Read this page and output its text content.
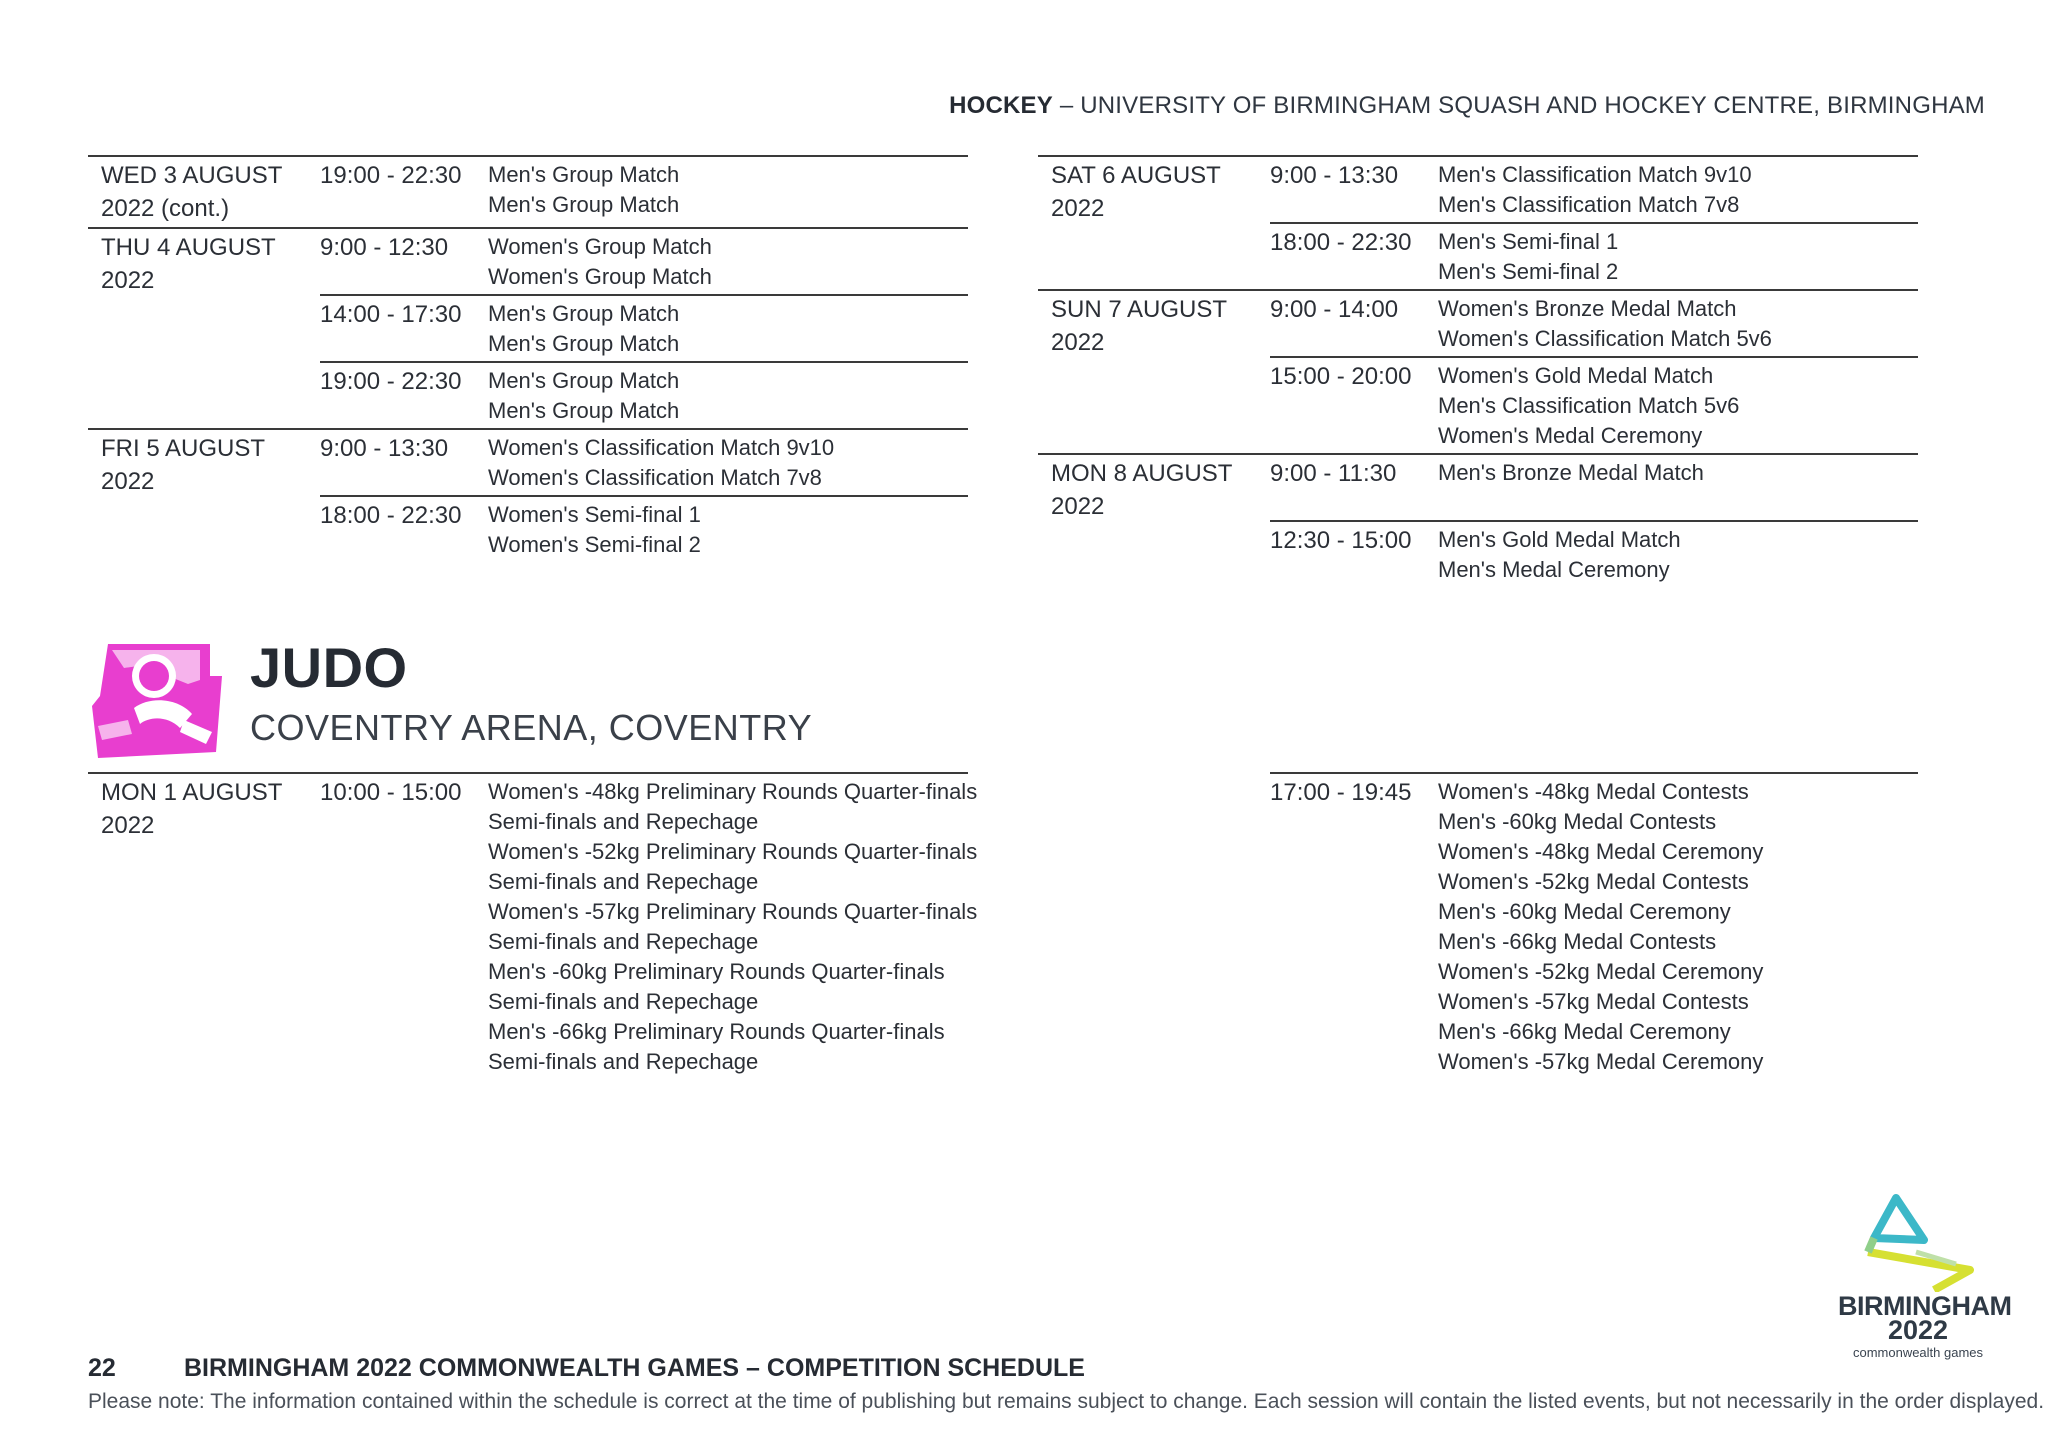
HOCKEY – UNIVERSITY OF BIRMINGHAM SQUASH AND HOCKEY CENTRE, BIRMINGHAM
WED 3 AUGUST 2022 (cont.)	19:00 - 22:30	Men's Group Match
Men's Group Match

THU 4 AUGUST 2022	9:00 - 12:30	Women's Group Match
Women's Group Match

	14:00 - 17:30	Men's Group Match
Men's Group Match

	19:00 - 22:30	Men's Group Match
Men's Group Match

FRI 5 AUGUST 2022	9:00 - 13:30	Women's Classification Match 9v10
Women's Classification Match 7v8

	18:00 - 22:30	Women's Semi-final 1
Women's Semi-final 2
SAT 6 AUGUST 2022	9:00 - 13:30	Men's Classification Match 9v10
Men's Classification Match 7v8

	18:00 - 22:30	Men's Semi-final 1
Men's Semi-final 2

SUN 7 AUGUST 2022	9:00 - 14:00	Women's Bronze Medal Match
Women's Classification Match 5v6

	15:00 - 20:00	Women's Gold Medal Match
Men's Classification Match 5v6
Women's Medal Ceremony

MON 8 AUGUST 2022	9:00 - 11:30	Men's Bronze Medal Match

	12:30 - 15:00	Men's Gold Medal Match
Men's Medal Ceremony
JUDO
COVENTRY ARENA, COVENTRY
MON 1 AUGUST 2022	10:00 - 15:00	Women's -48kg Preliminary Rounds Quarter-finals
Semi-finals and Repechage
Women's -52kg Preliminary Rounds Quarter-finals
Semi-finals and Repechage
Women's -57kg Preliminary Rounds Quarter-finals
Semi-finals and Repechage
Men's -60kg Preliminary Rounds Quarter-finals
Semi-finals and Repechage
Men's -66kg Preliminary Rounds Quarter-finals
Semi-finals and Repechage
	17:00 - 19:45	Women's -48kg Medal Contests
Men's -60kg Medal Contests
Women's -48kg Medal Ceremony
Women's -52kg Medal Contests
Men's -60kg Medal Ceremony
Men's -66kg Medal Contests
Women's -52kg Medal Ceremony
Women's -57kg Medal Contests
Men's -66kg Medal Ceremony
Women's -57kg Medal Ceremony
22	BIRMINGHAM 2022 COMMONWEALTH GAMES – COMPETITION SCHEDULE
Please note: The information contained within the schedule is correct at the time of publishing but remains subject to change. Each session will contain the listed events, but not necessarily in the order displayed.
BIRMINGHAM
2022
commonwealth games
